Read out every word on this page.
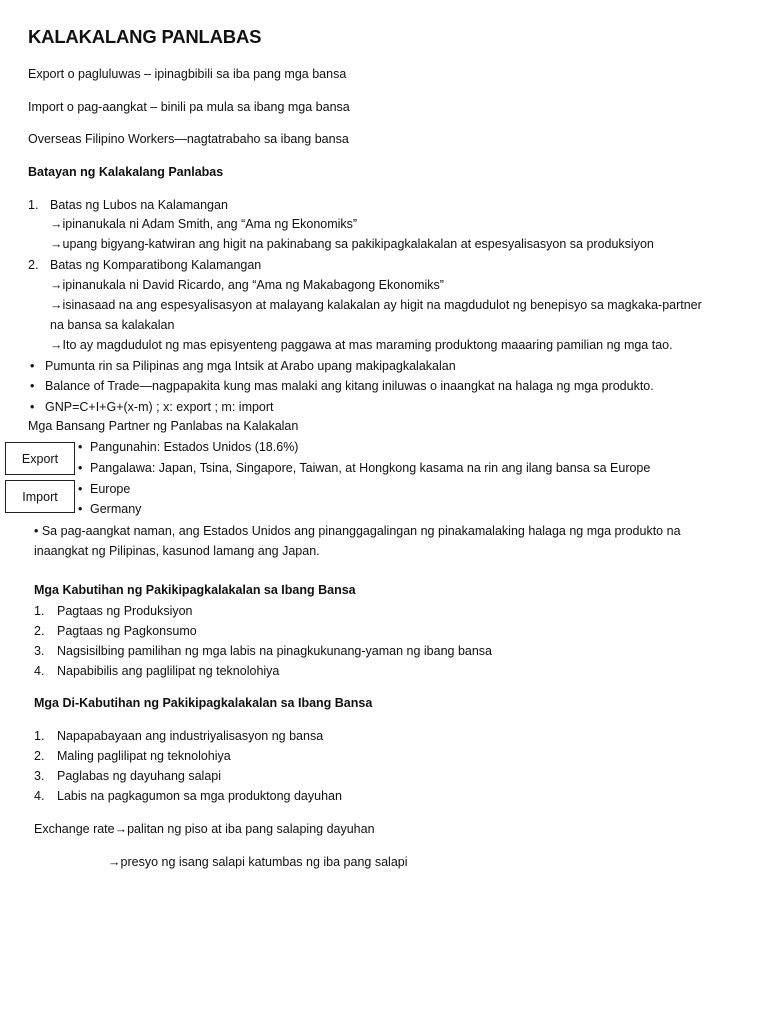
KALAKALANG PANLABAS
Export o pagluluwas – ipinagbibili sa iba pang mga bansa
Import o pag-aangkat – binili pa mula sa ibang mga bansa
Overseas Filipino Workers—nagtatrabaho sa ibang bansa
Batayan ng Kalakalang Panlabas
1. Batas ng Lubos na Kalamangan
→ipinanukala ni Adam Smith, ang “Ama ng Ekonomiks”
→upang bigyang-katwiran ang higit na pakinabang sa pakikipagkalakalan at espesyalisasyon sa produksiyon
2. Batas ng Komparatibong Kalamangan
→ipinanukala ni David Ricardo, ang “Ama ng Makabagong Ekonomiks”
→isinasaad na ang espesyalisasyon at malayang kalakalan ay higit na magdudulot ng benepisyo sa magkaka-partner
na bansa sa kalakalan
→Ito ay magdudulot ng mas episyenteng paggawa at mas maraming produktong maaaring pamilian ng mga tao.
• Pumunta rin sa Pilipinas ang mga Intsik at Arabo upang makipagkalakalan
• Balance of Trade—nagpapakita kung mas malaki ang kitang iniluwas o inaangkat na halaga ng mga produkto.
• GNP=C+I+G+(x-m) ; x: export ; m: import
Mga Bansang Partner ng Panlabas na Kalakalan
Export
Import
• Pangunahin: Estados Unidos (18.6%)
• Pangalawa: Japan, Tsina, Singapore, Taiwan, at Hongkong kasama na rin ang ilang bansa sa Europe
• Europe
• Germany
• Sa pag-aangkat naman, ang Estados Unidos ang pinanggagalingan ng pinakamalaking halaga ng mga produkto na
inaangkat ng Pilipinas, kasunod lamang ang Japan.
Mga Kabutihan ng Pakikipagkalakalan sa Ibang Bansa
1. Pagtaas ng Produksiyon
2. Pagtaas ng Pagkonsumo
3. Nagsisilbing pamilihan ng mga labis na pinagkukunang-yaman ng ibang bansa
4. Napabibilis ang paglilipat ng teknolohiya
Mga Di-Kabutihan ng Pakikipagkalakalan sa Ibang Bansa
1. Napapabayaan ang industriyalisasyon ng bansa
2. Maling paglilipat ng teknolohiya
3. Paglabas ng dayuhang salapi
4. Labis na pagkagumon sa mga produktong dayuhan
Exchange rate→palitan ng piso at iba pang salaping dayuhan
→presyo ng isang salapi katumbas ng iba pang salapi
